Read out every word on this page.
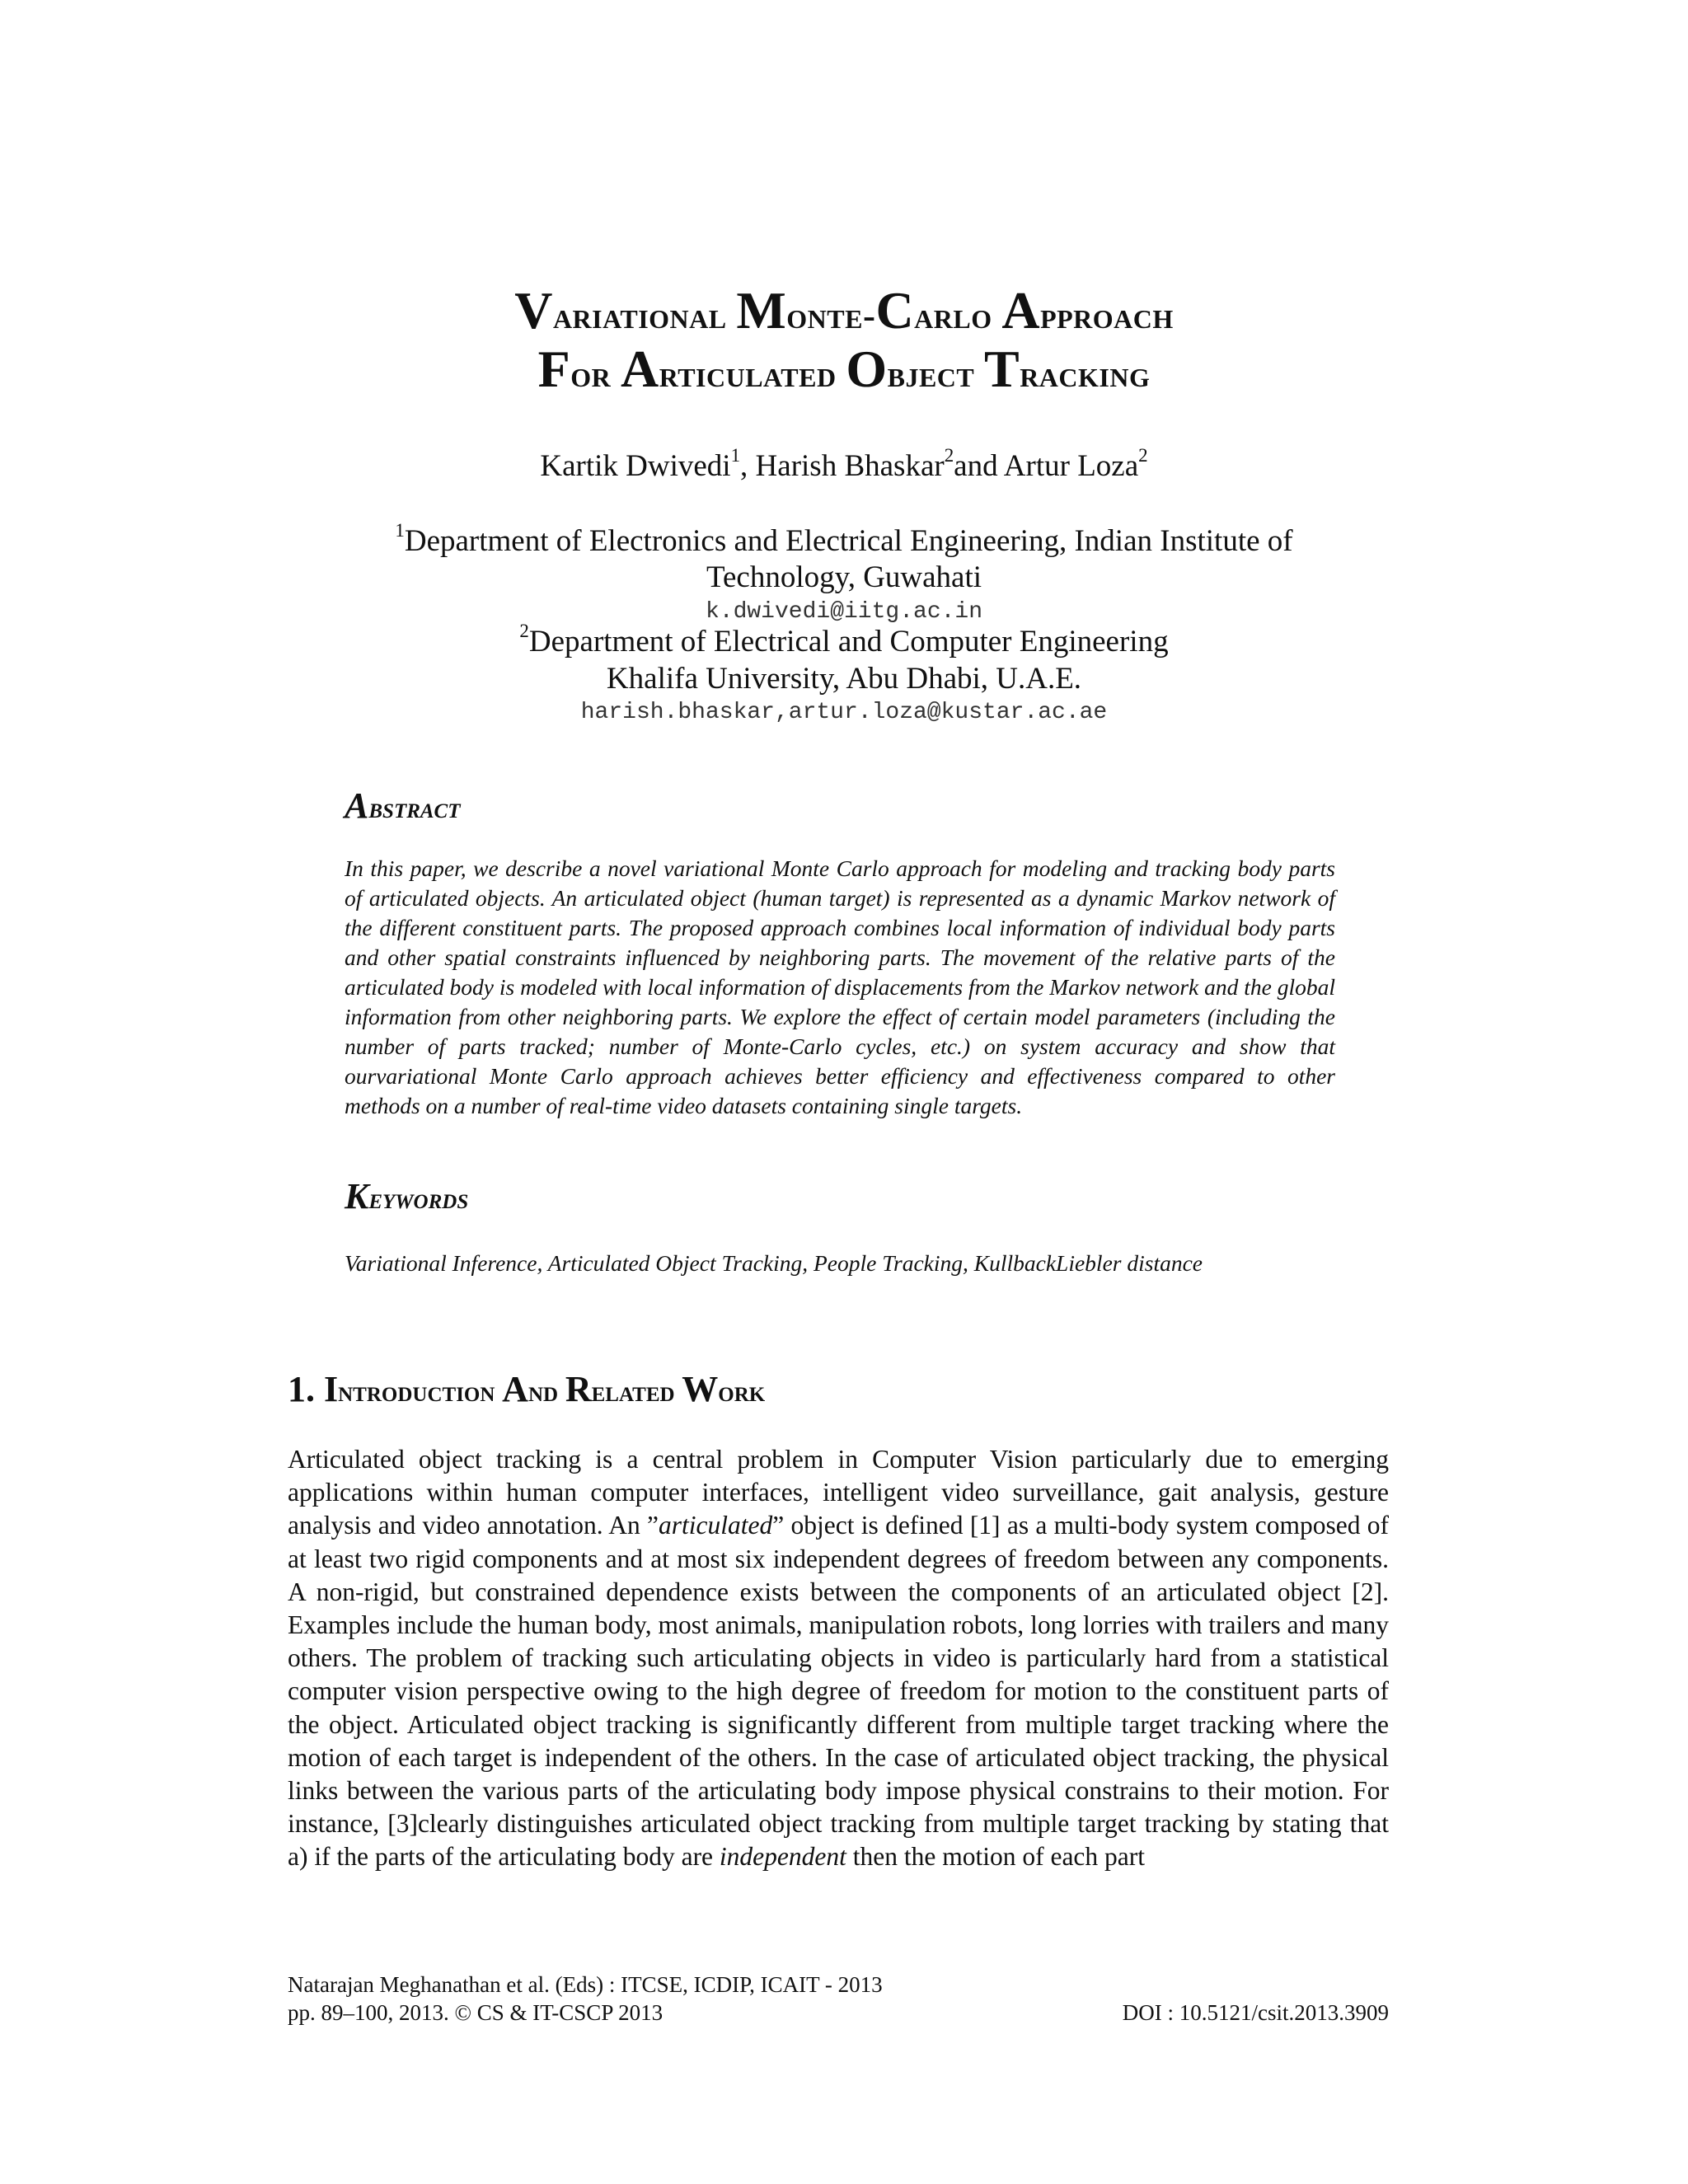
Variational Monte-Carlo Approach
For Articulated Object Tracking
Kartik Dwivedi$^1$, Harish Bhaskar$^2$and Artur Loza$^2$
$^1$Department of Electronics and Electrical Engineering, Indian Institute of
Technology, Guwahati
k.dwivedi@iitg.ac.in
$^2$Department of Electrical and Computer Engineering
Khalifa University, Abu Dhabi, U.A.E.
harish.bhaskar,artur.loza@kustar.ac.ae
Abstract

In this paper, we describe a novel variational Monte Carlo approach for modeling and tracking body parts of articulated objects. An articulated object (human target) is represented as a dynamic Markov network of the different constituent parts. The proposed approach combines local information of individual body parts and other spatial constraints influenced by neighboring parts. The movement of the relative parts of the articulated body is modeled with local information of displacements from the Markov network and the global information from other neighboring parts. We explore the effect of certain model parameters (including the number of parts tracked; number of Monte-Carlo cycles, etc.) on system accuracy and show that ourvariational Monte Carlo approach achieves better efficiency and effectiveness compared to other methods on a number of real-time video datasets containing single targets.

Keywords

Variational Inference, Articulated Object Tracking, People Tracking, KullbackLiebler distance

1. Introduction And Related Work

Articulated object tracking is a central problem in Computer Vision particularly due to emerging applications within human computer interfaces, intelligent video surveillance, gait analysis, gesture analysis and video annotation. An ”articulated” object is defined [1] as a multi-body system composed of at least two rigid components and at most six independent degrees of freedom between any components. A non-rigid, but constrained dependence exists between the components of an articulated object [2]. Examples include the human body, most animals, manipulation robots, long lorries with trailers and many others. The problem of tracking such articulating objects in video is particularly hard from a statistical computer vision perspective owing to the high degree of freedom for motion to the constituent parts of the object. Articulated object tracking is significantly different from multiple target tracking where the motion of each target is independent of the others. In the case of articulated object tracking, the physical links between the various parts of the articulating body impose physical constrains to their motion. For instance, [3]clearly distinguishes articulated object tracking from multiple target tracking by stating that a) if the parts of the articulating body are independent then the motion of each part

Natarajan Meghanathan et al. (Eds) : ITCSE, ICDIP, ICAIT - 2013
pp. 89–100, 2013. © CS & IT-CSCP 2013	DOI : 10.5121/csit.2013.3909
